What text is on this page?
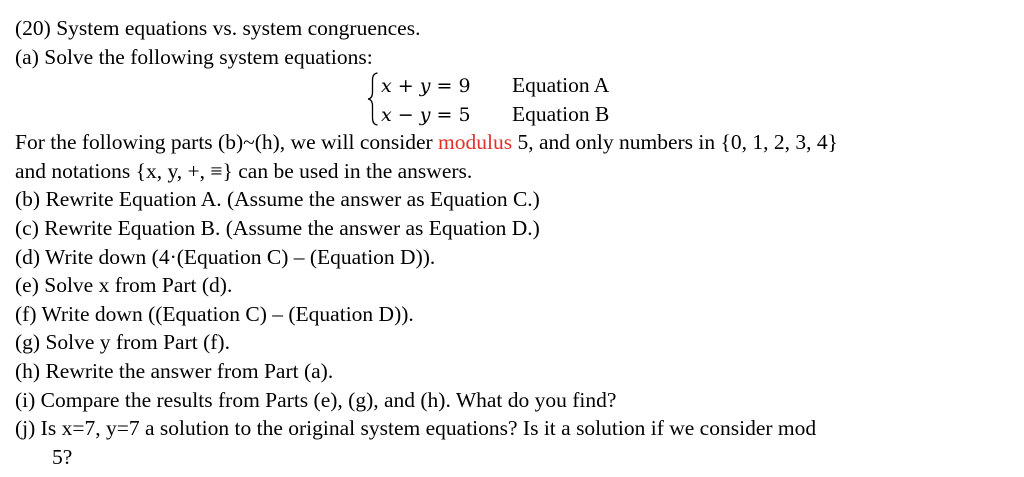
(20) System equations vs. system congruences.
(a) Solve the following system equations:
x + y = 9 Equation A
x − y = 5 Equation B
For the following parts (b)~(h), we will consider modulus 5, and only numbers in {0, 1, 2, 3, 4}
and notations {x, y, +, ≡} can be used in the answers.
(b) Rewrite Equation A. (Assume the answer as Equation C.)
(c) Rewrite Equation B. (Assume the answer as Equation D.)
(d) Write down (4·(Equation C) – (Equation D)).
(e) Solve x from Part (d).
(f) Write down ((Equation C) – (Equation D)).
(g) Solve y from Part (f).
(h) Rewrite the answer from Part (a).
(i) Compare the results from Parts (e), (g), and (h). What do you find?
(j) Is x=7, y=7 a solution to the original system equations? Is it a solution if we consider mod
5?
